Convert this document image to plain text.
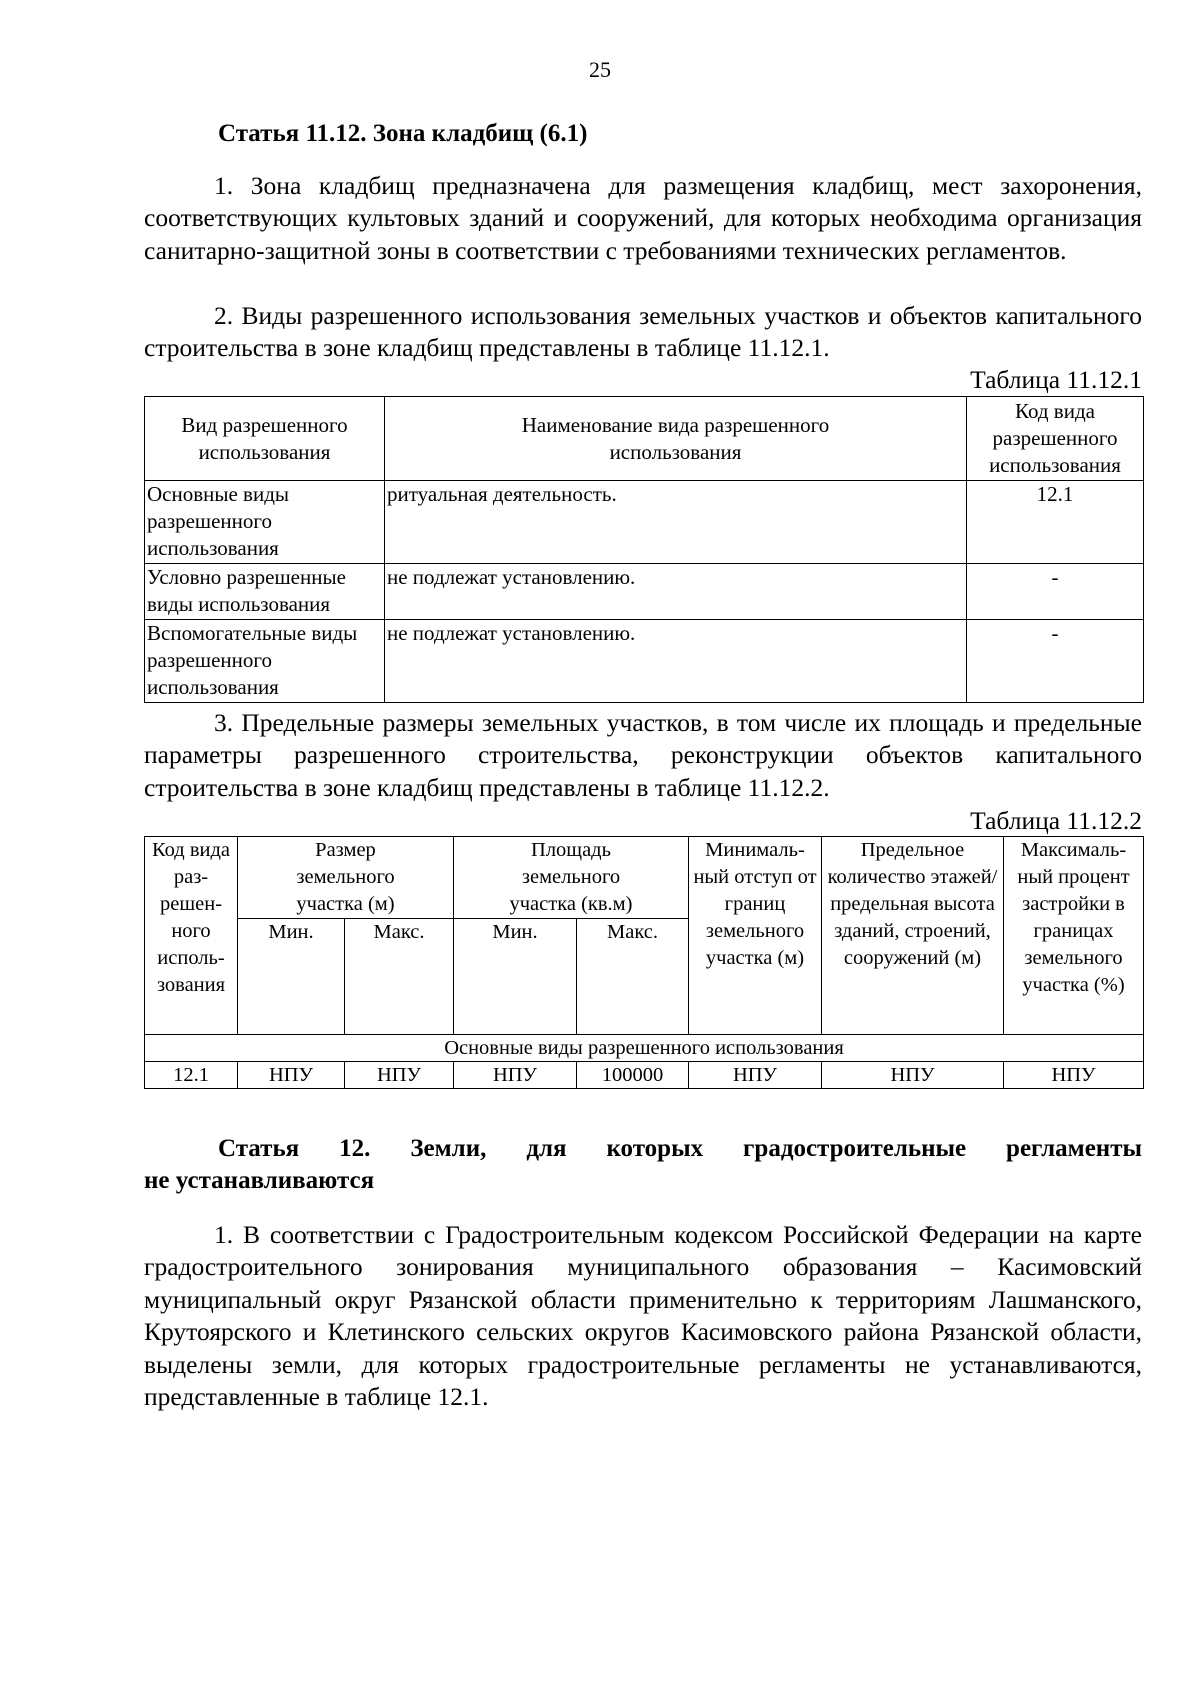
25
Статья 11.12. Зона кладбищ (6.1)
1. Зона кладбищ предназначена для размещения кладбищ, мест захоронения, соответствующих культовых зданий и сооружений, для которых необходима организация санитарно-защитной зоны в соответствии с требованиями технических регламентов.
2. Виды разрешенного использования земельных участков и объектов капитального строительства в зоне кладбищ представлены в таблице 11.12.1.
Таблица 11.12.1
Вид разрешенного использования	Наименование вида разрешенного использования	Код вида разрешенного использования
Основные виды разрешенного использования	ритуальная деятельность.	12.1
Условно разрешенные виды использования	не подлежат установлению.	-
Вспомогательные виды разрешенного использования	не подлежат установлению.	-
3. Предельные размеры земельных участков, в том числе их площадь и предельные параметры разрешенного строительства, реконструкции объектов капитального строительства в зоне кладбищ представлены в таблице 11.12.2.
Таблица 11.12.2
Код вида раз-решен-ного исполь-зования	Размер земельного участка (м)		Площадь земельного участка (кв.м)		Минималь-ный отступ от границ земельного участка (м)	Предельное количество этажей/ предельная высота зданий, строений, сооружений (м)	Максималь-ный процент застройки в границах земельного участка (%)
	Мин.	Макс.	Мин.	Макс.			
Основные виды разрешенного использования							
12.1	НПУ	НПУ	НПУ	100000	НПУ	НПУ	НПУ
Статья 12. Земли, для которых градостроительные регламенты
не устанавливаются
1. В соответствии с Градостроительным кодексом Российской Федерации на карте градостроительного зонирования муниципального образования – Касимовский муниципальный округ Рязанской области применительно к территориям Лашманского, Крутоярского и Клетинского сельских округов Касимовского района Рязанской области, выделены земли, для которых градостроительные регламенты не устанавливаются, представленные в таблице 12.1.
